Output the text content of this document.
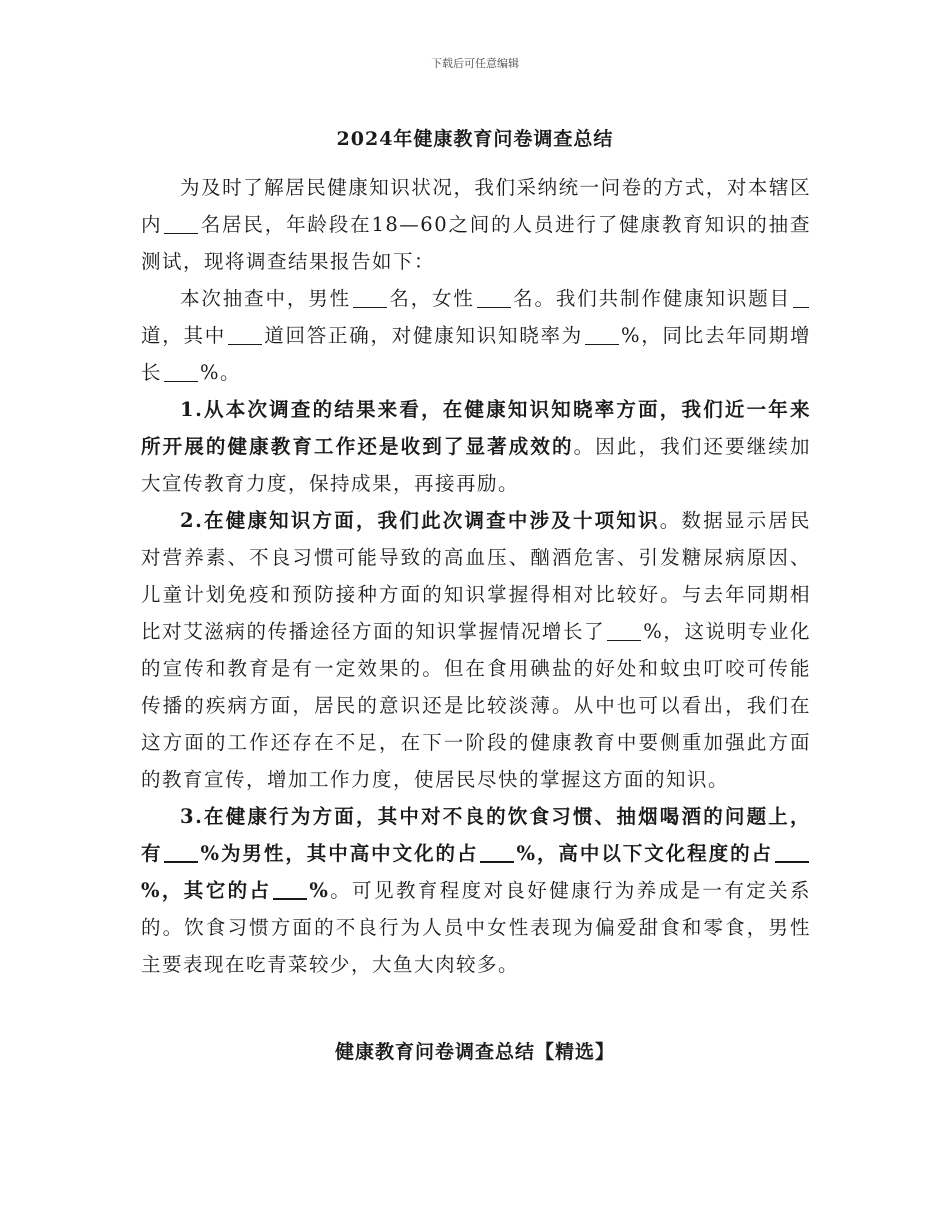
下载后可任意编辑
2024年健康教育问卷调查总结

为及时了解居民健康知识状况，我们采纳统一问卷的方式，对本辖区内 名居民，年龄段在18—60之间的人员进行了健康教育知识的抽查测试，现将调查结果报告如下：

本次抽查中，男性 名，女性 名。我们共制作健康知识题目道，其中 道回答正确，对健康知识知晓率为 %，同比去年同期增长 %。

1.从本次调查的结果来看，在健康知识知晓率方面，我们近一年来所开展的健康教育工作还是收到了显著成效的。因此，我们还要继续加大宣传教育力度，保持成果，再接再励。

2.在健康知识方面，我们此次调查中涉及十项知识。数据显示居民对营养素、不良习惯可能导致的高血压、酗酒危害、引发糖尿病原因、儿童计划免疫和预防接种方面的知识掌握得相对比较好。与去年同期相比对艾滋病的传播途径方面的知识掌握情况增长了 %，这说明专业化的宣传和教育是有一定效果的。但在食用碘盐的好处和蚊虫叮咬可传能传播的疾病方面，居民的意识还是比较淡薄。从中也可以看出，我们在这方面的工作还存在不足，在下一阶段的健康教育中要侧重加强此方面的教育宣传，增加工作力度，使居民尽快的掌握这方面的知识。

3.在健康行为方面，其中对不良的饮食习惯、抽烟喝酒的问题上，有 %为男性，其中高中文化的占 %，高中以下文化程度的占%，其它的占 %。可见教育程度对良好健康行为养成是一有定关系的。饮食习惯方面的不良行为人员中女性表现为偏爱甜食和零食，男性主要表现在吃青菜较少，大鱼大肉较多。

健康教育问卷调查总结【精选】
